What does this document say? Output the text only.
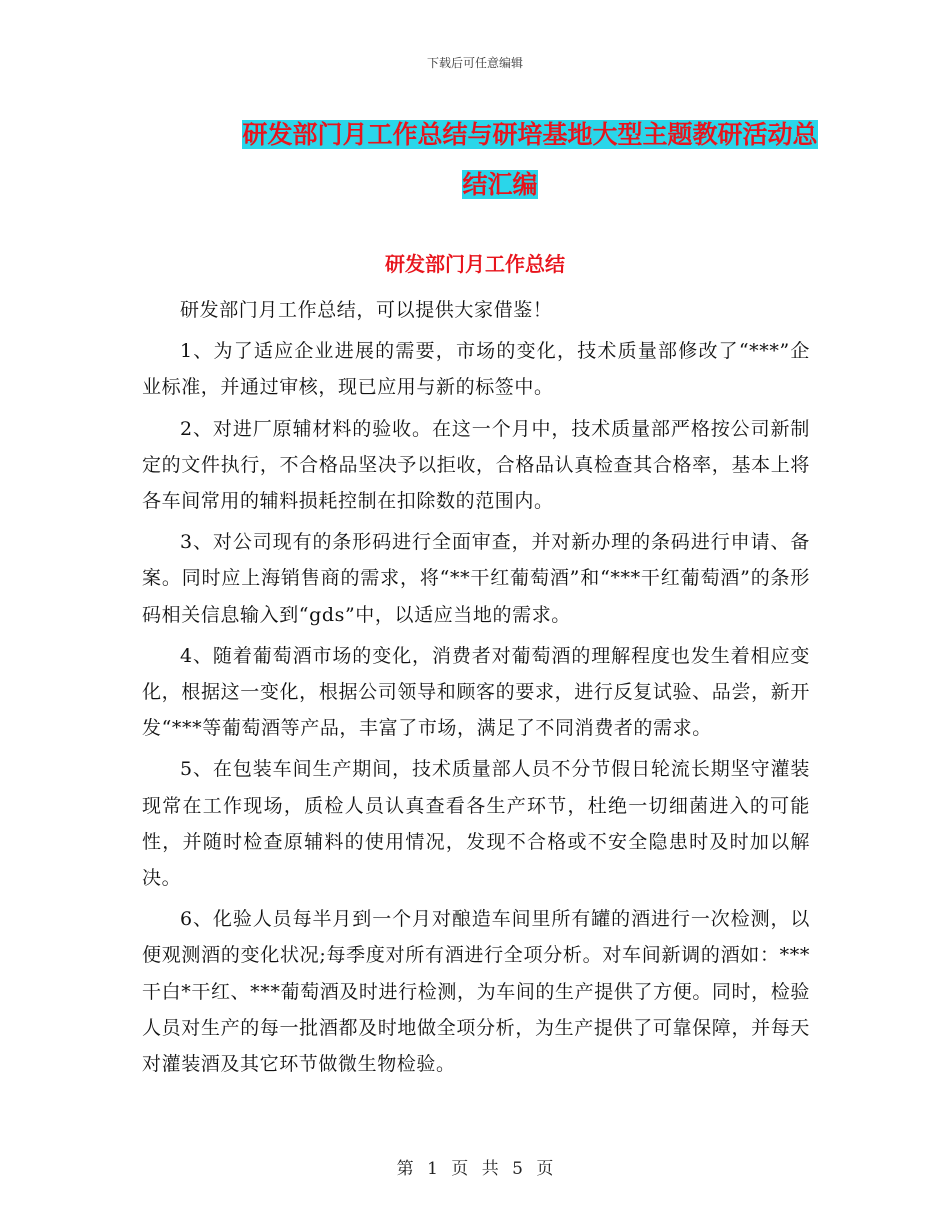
下载后可任意编辑
研发部门月工作总结与研培基地大型主题教研活动总
结汇编
研发部门月工作总结

研发部门月工作总结，可以提供大家借鉴！

1、为了适应企业进展的需要，市场的变化，技术质量部修改了“***”企业标准，并通过审核，现已应用与新的标签中。

2、对进厂原辅材料的验收。在这一个月中，技术质量部严格按公司新制定的文件执行，不合格品坚决予以拒收，合格品认真检查其合格率，基本上将各车间常用的辅料损耗控制在扣除数的范围内。

3、对公司现有的条形码进行全面审查，并对新办理的条码进行申请、备案。同时应上海销售商的需求，将“**干红葡萄酒”和“***干红葡萄酒”的条形码相关信息输入到“gds”中，以适应当地的需求。

4、随着葡萄酒市场的变化，消费者对葡萄酒的理解程度也发生着相应变化，根据这一变化，根据公司领导和顾客的要求，进行反复试验、品尝，新开发“***等葡萄酒等产品，丰富了市场，满足了不同消费者的需求。

5、在包装车间生产期间，技术质量部人员不分节假日轮流长期坚守灌装现常在工作现场，质检人员认真查看各生产环节，杜绝一切细菌进入的可能性，并随时检查原辅料的使用情况，发现不合格或不安全隐患时及时加以解决。

6、化验人员每半月到一个月对酿造车间里所有罐的酒进行一次检测，以便观测酒的变化状况;每季度对所有酒进行全项分析。对车间新调的酒如：***干白*干红、***葡萄酒及时进行检测，为车间的生产提供了方便。同时，检验人员对生产的每一批酒都及时地做全项分析，为生产提供了可靠保障，并每天对灌装酒及其它环节做微生物检验。

第 1 页 共 5 页
